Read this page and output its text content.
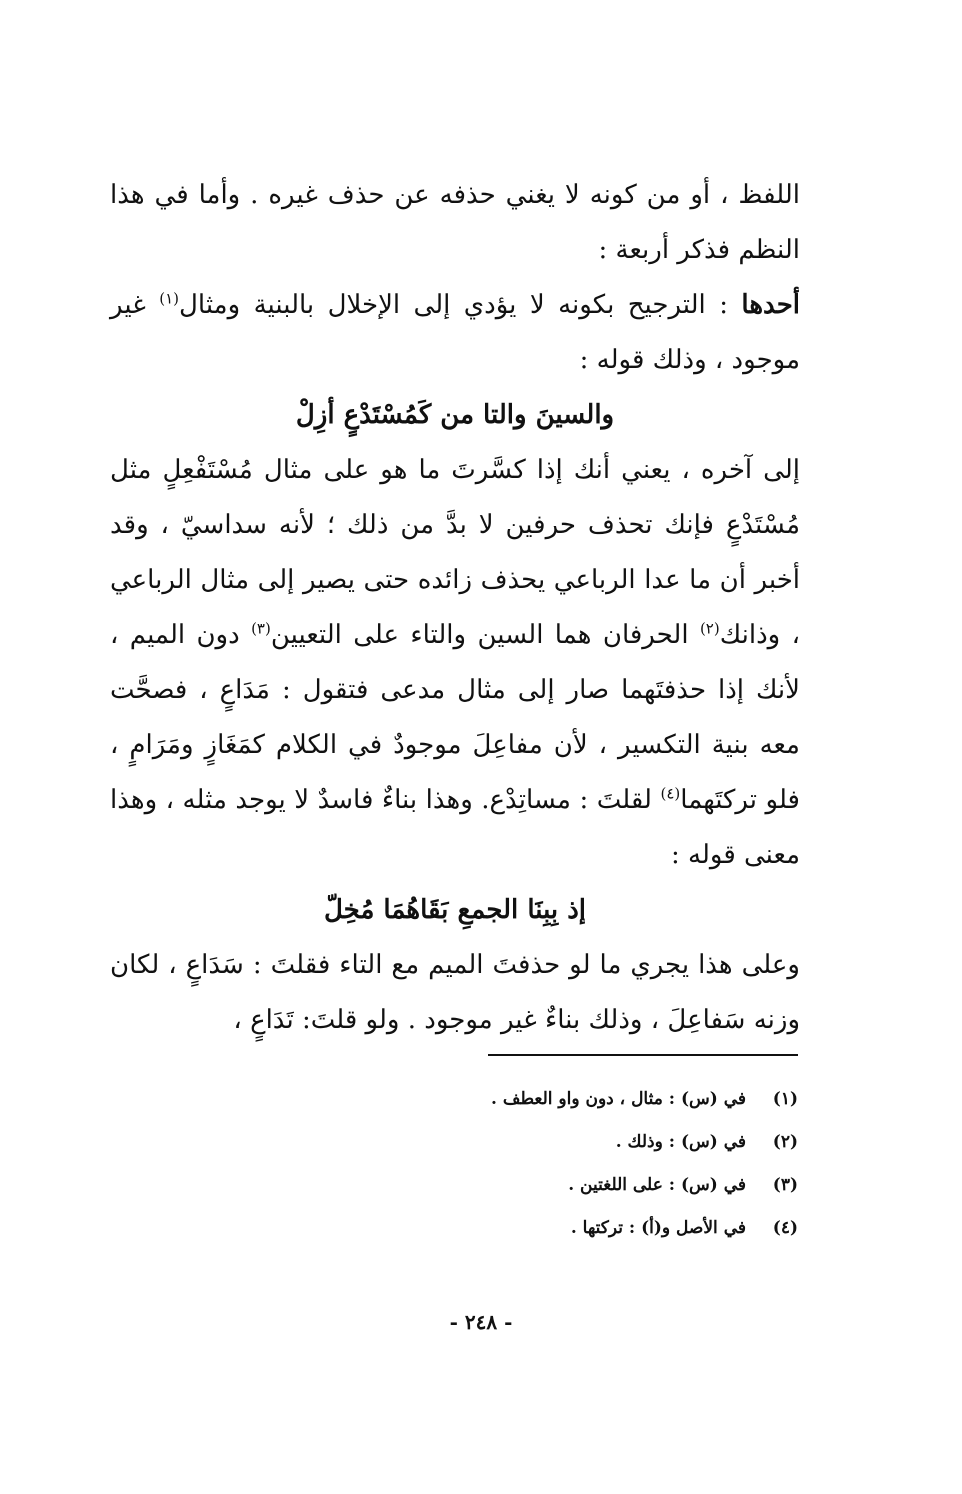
اللفظ ، أو من كونه لا يغني حذفه عن حذف غيره . وأما في هذا النظم فذكر أربعة :

أحدها : الترجيح بكونه لا يؤدي إلى الإخلال بالبنية ومثال$^{(١)}$ غير موجود ، وذلك قوله :

والسينَ والتا من كَمُسْتَدْعٍ أزِلْ

إلى آخره ، يعني أنك إذا كسَّرتَ ما هو على مثال مُسْتَفْعِلٍ مثل مُسْتَدْعٍ فإنك تحذف حرفين لا بدَّ من ذلك ؛ لأنه سداسيّ ، وقد أخبر أن ما عدا الرباعي يحذف زائده حتى يصير إلى مثال الرباعي ، وذانك$^{(٢)}$ الحرفان هما السين والتاء على التعيين$^{(٣)}$ دون الميم ، لأنك إذا حذفتَهما صار إلى مثال مدعى فتقول : مَدَاعٍ ، فصحَّت معه بنية التكسير ، لأن مفاعِلَ موجودٌ في الكلام كمَغَازٍ ومَرَامٍ ، فلو تركتَهما$^{(٤)}$ لقلتَ : مساتِدْع. وهذا بناءٌ فاسدٌ لا يوجد مثله ، وهذا معنى قوله :

إذ بِبِنَا الجمعِ بَقَاهُمَا مُخِلّ

وعلى هذا يجري ما لو حذفتَ الميم مع التاء فقلتَ : سَدَاعٍ ، لكان وزنه سَفاعِلَ ، وذلك بناءٌ غير موجود . ولو قلتَ: تَدَاعٍ ،

(١)
في (س) : مثال ، دون واو العطف .
(٢)
في (س) : وذلك .
(٣)
في (س) : على اللغتين .
(٤)
في الأصل و(أ) : تركتها .
- ٢٤٨ -
